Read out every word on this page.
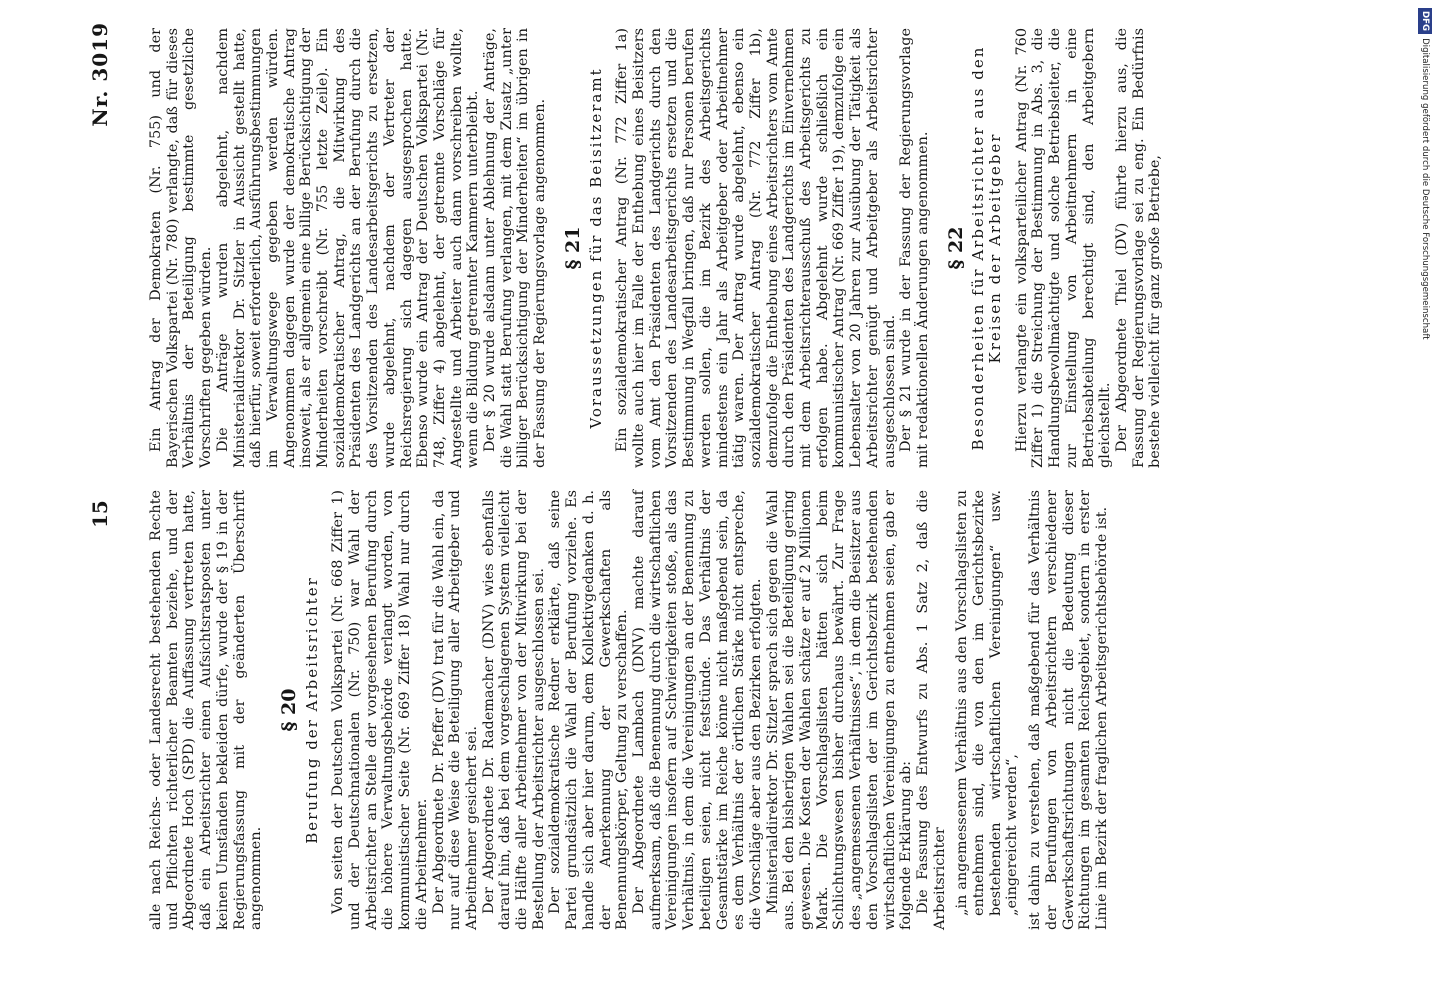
15
Nr. 3019

alle nach Reichs- oder Landesrecht bestehenden Rechte und Pflichten richterlicher Beamten beziehe, und der Abgeordnete Hoch (SPD) die Auffassung vertreten hatte, daß ein Arbeitsrichter einen Aufsichtsratsposten unter keinen Umständen bekleiden dürfe, wurde der § 19 in der Regierungsfassung mit der geänderten Überschrift angenommen.

§ 20 Berufung der Arbeitsrichter Von seiten der Deutschen Volkspartei (Nr. 668 Ziffer 1) und der Deutschnationalen (Nr. 750) war Wahl der Arbeitsrichter an Stelle der vorgesehenen Berufung durch die höhere Verwaltungsbehörde verlangt worden, von kommunistischer Seite (Nr. 669 Ziffer 18) Wahl nur durch die Arbeitnehmer. Der Abgeordnete Dr. Pfeffer (DV) trat für die Wahl ein, da nur auf diese Weise die Beteiligung aller Arbeitgeber und Arbeitnehmer gesichert sei. Der Abgeordnete Dr. Rademacher (DNV) wies ebenfalls darauf hin, daß bei dem vorgeschlagenen System vielleicht die Hälfte aller Arbeitnehmer von der Mitwirkung bei der Bestellung der Arbeitsrichter ausgeschlossen sei. Der sozialdemokratische Redner erklärte, daß seine Partei grundsätzlich die Wahl der Berufung vorziehe. Es handle sich aber hier darum, dem Kollektivgedanken d. h. der Anerkennung der Gewerkschaften als Benennungskörper, Geltung zu verschaffen. Der Abgeordnete Lambach (DNV) machte darauf aufmerksam, daß die Benennung durch die wirtschaftlichen Vereinigungen insofern auf Schwierigkeiten stoße, als das Verhältnis, in dem die Vereinigungen an der Benennung zu beteiligen seien, nicht feststünde. Das Verhältnis der Gesamtstärke im Reiche könne nicht maßgebend sein, da es dem Verhältnis der örtlichen Stärke nicht entspreche, die Vorschläge aber aus den Bezirken erfolgten. Ministerialdirektor Dr. Sitzler sprach sich gegen die Wahl aus. Bei den bisherigen Wahlen sei die Beteiligung gering gewesen. Die Kosten der Wahlen schätze er auf 2 Millionen Mark. Die Vorschlagslisten hätten sich beim Schlichtungswesen bisher durchaus bewährt. Zur Frage des „angemessenen Verhältnisses“, in dem die Beisitzer aus den Vorschlagslisten der im Gerichtsbezirk bestehenden wirtschaftlichen Vereinigungen zu entnehmen seien, gab er folgende Erklärung ab: Die Fassung des Entwurfs zu Abs. 1 Satz 2, daß die Arbeitsrichter „in angemessenem Verhältnis aus den Vorschlagslisten zu entnehmen sind, die von den im Gerichtsbezirke bestehenden wirtschaftlichen Vereinigungen“ usw. „eingereicht werden“, ist dahin zu verstehen, daß maßgebend für das Verhältnis der Berufungen von Arbeitsrichtern verschiedener Gewerkschaftsrichtungen nicht die Bedeutung dieser Richtungen im gesamten Reichsgebiet, sondern in erster Linie im Bezirk der fraglichen Arbeitsgerichtsbehörde ist.

Ein Antrag der Demokraten (Nr. 755) und der Bayerischen Volkspartei (Nr. 780) verlangte, daß für dieses Verhältnis der Beteiligung bestimmte gesetzliche Vorschriften gegeben würden. Die Anträge wurden abgelehnt, nachdem Ministerialdirektor Dr. Sitzler in Aussicht gestellt hatte, daß hierfür, soweit erforderlich, Ausführungsbestimmungen im Verwaltungswege gegeben werden würden. Angenommen dagegen wurde der demokratische Antrag insoweit, als er allgemein eine billige Berücksichtigung der Minderheiten vorschreibt (Nr. 755 letzte Zeile). Ein sozialdemokratischer Antrag, die Mitwirkung des Präsidenten des Landgerichts an der Berufung durch die des Vorsitzenden des Landesarbeitsgerichts zu ersetzen, wurde abgelehnt, nachdem der Vertreter der Reichsregierung sich dagegen ausgesprochen hatte. Ebenso wurde ein Antrag der Deutschen Volkspartei (Nr. 748, Ziffer 4) abgelehnt, der getrennte Vorschläge für Angestellte und Arbeiter auch dann vorschreiben wollte, wenn die Bildung getrennter Kammern unterbleibt. Der § 20 wurde alsdann unter Ablehnung der Anträge, die Wahl statt Berufung verlangen, mit dem Zusatz „unter billiger Berücksichtigung der Minderheiten“ im übrigen in der Fassung der Regierungsvorlage angenommen. § 21 Voraussetzungen für das Beisitzeramt Ein sozialdemokratischer Antrag (Nr. 772 Ziffer 1a) wollte auch hier im Falle der Enthebung eines Beisitzers vom Amt den Präsidenten des Landgerichts durch den Vorsitzenden des Landesarbeitsgerichts ersetzen und die Bestimmung in Wegfall bringen, daß nur Personen berufen werden sollen, die im Bezirk des Arbeitsgerichts mindestens ein Jahr als Arbeitgeber oder Arbeitnehmer tätig waren. Der Antrag wurde abgelehnt, ebenso ein sozialdemokratischer Antrag (Nr. 772 Ziffer 1b), demzufolge die Enthebung eines Arbeitsrichters vom Amte durch den Präsidenten des Landgerichts im Einvernehmen mit dem Arbeitsrichterausschuß des Arbeitsgerichts zu erfolgen habe. Abgelehnt wurde schließlich ein kommunistischer Antrag (Nr. 669 Ziffer 19), demzufolge ein Lebensalter von 20 Jahren zur Ausübung der Tätigkeit als Arbeitsrichter genügt und Arbeitgeber als Arbeitsrichter ausgeschlossen sind. Der § 21 wurde in der Fassung der Regierungsvorlage mit redaktionellen Änderungen angenommen. § 22 Besonderheiten für Arbeitsrichter aus den Kreisen der Arbeitgeber Hierzu verlangte ein volksparteilicher Antrag (Nr. 760 Ziffer 1) die Streichung der Bestimmung in Abs. 3, die Handlungsbevollmächtigte und solche Betriebsleiter, die zur Einstellung von Arbeitnehmern in eine Betriebsabteilung berechtigt sind, den Arbeitgebern gleichstellt. Der Abgeordnete Thiel (DV) führte hierzu aus, die Fassung der Regierungsvorlage sei zu eng. Ein Bedürfnis bestehe vielleicht für ganz große Betriebe,

DFGDigitalisierung gefördert durch die Deutsche Forschungsgemeinschaft
